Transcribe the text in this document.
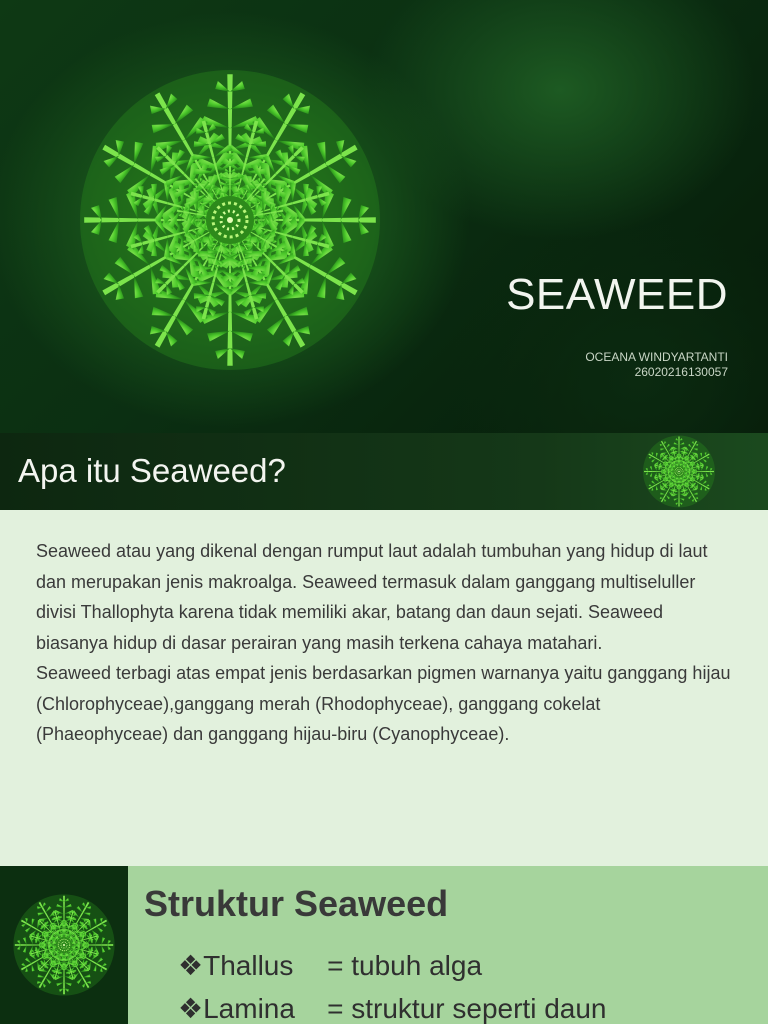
SEAWEED
OCEANA WINDYARTANTI
26020216130057
Apa itu Seaweed?

Seaweed atau yang dikenal dengan rumput laut adalah tumbuhan yang hidup di laut dan merupakan jenis makroalga. Seaweed termasuk dalam ganggang multiseluller divisi Thallophyta karena tidak memiliki akar, batang dan daun sejati. Seaweed biasanya hidup di dasar perairan yang masih terkena cahaya matahari.
Seaweed terbagi atas empat jenis berdasarkan pigmen warnanya yaitu ganggang hijau (Chlorophyceae),ganggang merah (Rhodophyceae), ganggang cokelat (Phaeophyceae) dan ganggang hijau-biru (Cyanophyceae).

Struktur Seaweed
❖Thallus = tubuh alga
❖Lamina = struktur seperti daun
